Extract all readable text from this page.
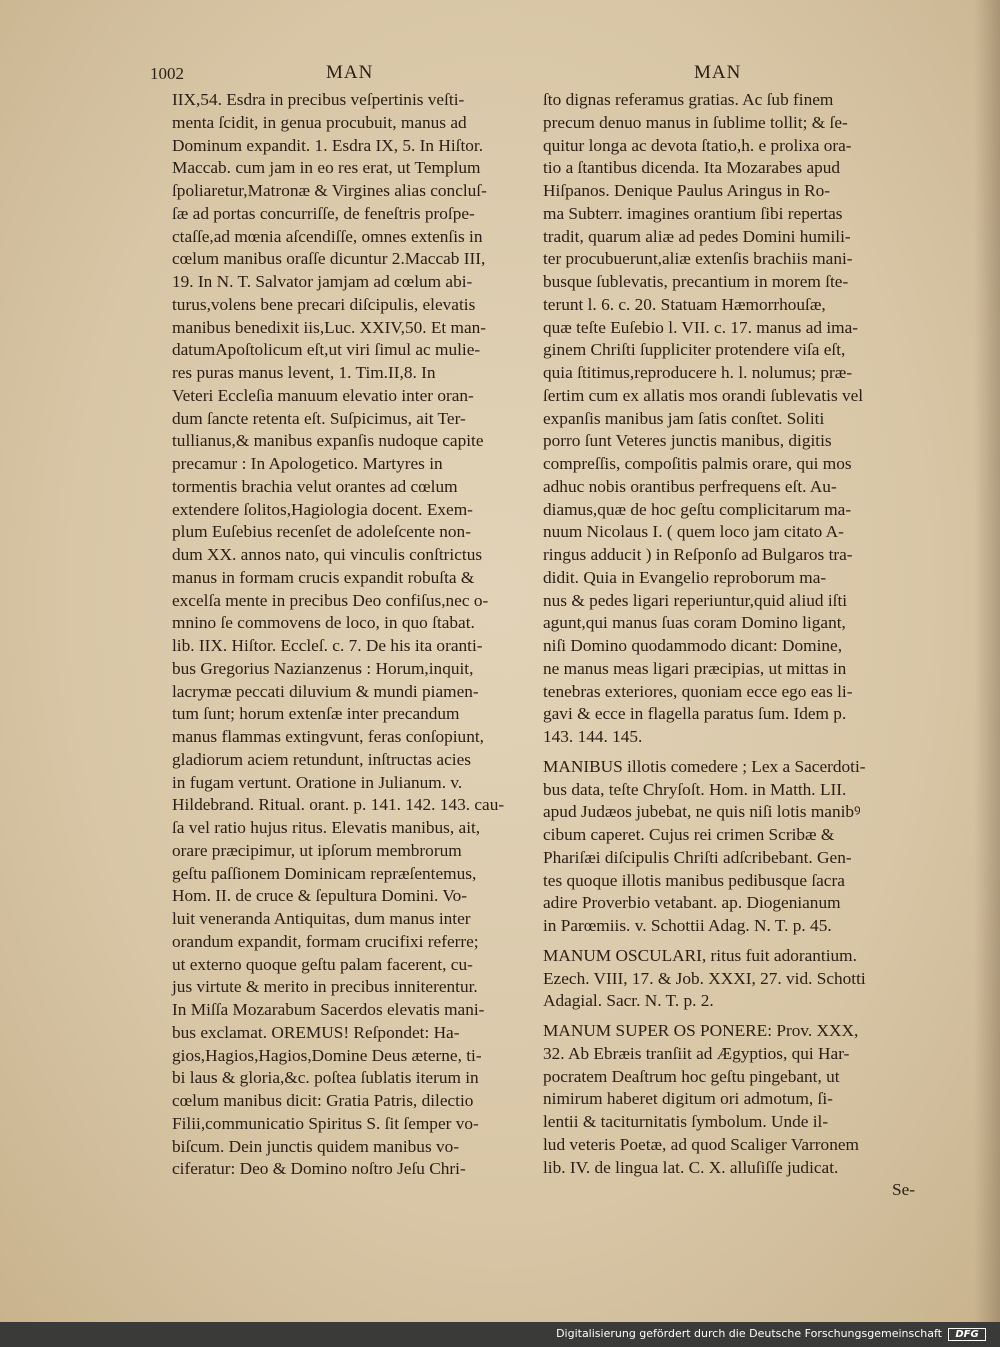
1002	MAN	MAN
IIX,54. Esdra in precibus veſpertinis veſti-
menta ſcidit, in genua procubuit, manus ad
Dominum expandit. 1. Esdra IX, 5. In Hiſtor.
Maccab. cum jam in eo res erat, ut Templum
ſpoliaretur,Matronæ & Virgines alias concluſ-
ſæ ad portas concurriſſe, de feneſtris proſpe-
ctaſſe,ad mœnia aſcendiſſe, omnes extenſis in
cœlum manibus oraſſe dicuntur 2.Maccab III,
19. In N. T. Salvator jamjam ad cœlum abi-
turus,volens bene precari diſcipulis, elevatis
manibus benedixit iis,Luc. XXIV,50. Et man-
datumApoſtolicum eſt,ut viri ſimul ac mulie-
res puras manus levent, 1. Tim.II,8. In
Veteri Eccleſia manuum elevatio inter oran-
dum ſancte retenta eſt. Suſpicimus, ait Ter-
tullianus,& manibus expanſis nudoque capite
precamur : In Apologetico. Martyres in
tormentis brachia velut orantes ad cœlum
extendere ſolitos,Hagiologia docent. Exem-
plum Euſebius recenſet de adoleſcente non-
dum XX. annos nato, qui vinculis conſtrictus
manus in formam crucis expandit robuſta &
excelſa mente in precibus Deo confiſus,nec o-
mnino ſe commovens de loco, in quo ſtabat.
lib. IIX. Hiſtor. Eccleſ. c. 7. De his ita oranti-
bus Gregorius Nazianzenus : Horum,inquit,
lacrymæ peccati diluvium & mundi piamen-
tum ſunt; horum extenſæ inter precandum
manus flammas extingvunt, feras conſopiunt,
gladiorum aciem retundunt, inſtructas acies
in fugam vertunt. Oratione in Julianum. v.
Hildebrand. Ritual. orant. p. 141. 142. 143. cau-
ſa vel ratio hujus ritus. Elevatis manibus, ait,
orare præcipimur, ut ipſorum membrorum
geſtu paſſionem Dominicam repræſentemus,
Hom. II. de cruce & ſepultura Domini. Vo-
luit veneranda Antiquitas, dum manus inter
orandum expandit, formam crucifixi referre;
ut externo quoque geſtu palam facerent, cu-
jus virtute & merito in precibus inniterentur.
In Miſſa Mozarabum Sacerdos elevatis mani-
bus exclamat. OREMUS! Reſpondet: Ha-
gios,Hagios,Hagios,Domine Deus æterne, ti-
bi laus & gloria,&c. poſtea ſublatis iterum in
cœlum manibus dicit: Gratia Patris, dilectio
Filii,communicatio Spiritus S. ſit ſemper vo-
biſcum. Dein junctis quidem manibus vo-
ciferatur: Deo & Domino noſtro Jeſu Chri-
ſto dignas referamus gratias. Ac ſub finem
precum denuo manus in ſublime tollit; & ſe-
quitur longa ac devota ſtatio,h. e prolixa ora-
tio a ſtantibus dicenda. Ita Mozarabes apud
Hiſpanos. Denique Paulus Aringus in Ro-
ma Subterr. imagines orantium ſibi repertas
tradit, quarum aliæ ad pedes Domini humili-
ter procubuerunt,aliæ extenſis brachiis mani-
busque ſublevatis, precantium in morem ſte-
terunt l. 6. c. 20. Statuam Hæmorrhouſæ,
quæ teſte Euſebio l. VII. c. 17. manus ad ima-
ginem Chriſti ſuppliciter protendere viſa eſt,
quia ſtitimus,reproducere h. l. nolumus; præ-
ſertim cum ex allatis mos orandi ſublevatis vel
expanſis manibus jam ſatis conſtet. Soliti
porro ſunt Veteres junctis manibus, digitis
compreſſis, compoſitis palmis orare, qui mos
adhuc nobis orantibus perfrequens eſt. Au-
diamus,quæ de hoc geſtu complicitarum ma-
nuum Nicolaus I. ( quem loco jam citato A-
ringus adducit ) in Reſponſo ad Bulgaros tra-
didit. Quia in Evangelio reproborum ma-
nus & pedes ligari reperiuntur,quid aliud iſti
agunt,qui manus ſuas coram Domino ligant,
niſi Domino quodammodo dicant: Domine,
ne manus meas ligari præcipias, ut mittas in
tenebras exteriores, quoniam ecce ego eas li-
gavi & ecce in flagella paratus ſum. Idem p.
143. 144. 145.
MANIBUS illotis comedere ; Lex a Sacerdoti-
bus data, teſte Chryſoſt. Hom. in Matth. LII.
apud Judæos jubebat, ne quis niſi lotis manibꝰ
cibum caperet. Cujus rei crimen Scribæ &
Phariſæi diſcipulis Chriſti adſcribebant. Gen-
tes quoque illotis manibus pedibusque ſacra
adire Proverbio vetabant. ap. Diogenianum
in Parœmiis. v. Schottii Adag. N. T. p. 45.
MANUM OSCULARI, ritus fuit adorantium.
Ezech. VIII, 17. & Job. XXXI, 27. vid. Schotti
Adagial. Sacr. N. T. p. 2.
MANUM SUPER OS PONERE: Prov. XXX,
32. Ab Ebræis tranſiit ad Ægyptios, qui Har-
pocratem Deaſtrum hoc geſtu pingebant, ut
nimirum haberet digitum ori admotum, ſi-
lentii & taciturnitatis ſymbolum. Unde il-
lud veteris Poetæ, ad quod Scaliger Varronem
lib. IV. de lingua lat. C. X. alluſiſſe judicat.
Se-
Digitalisierung gefördert durch die Deutsche Forschungsgemeinschaft	DFG
